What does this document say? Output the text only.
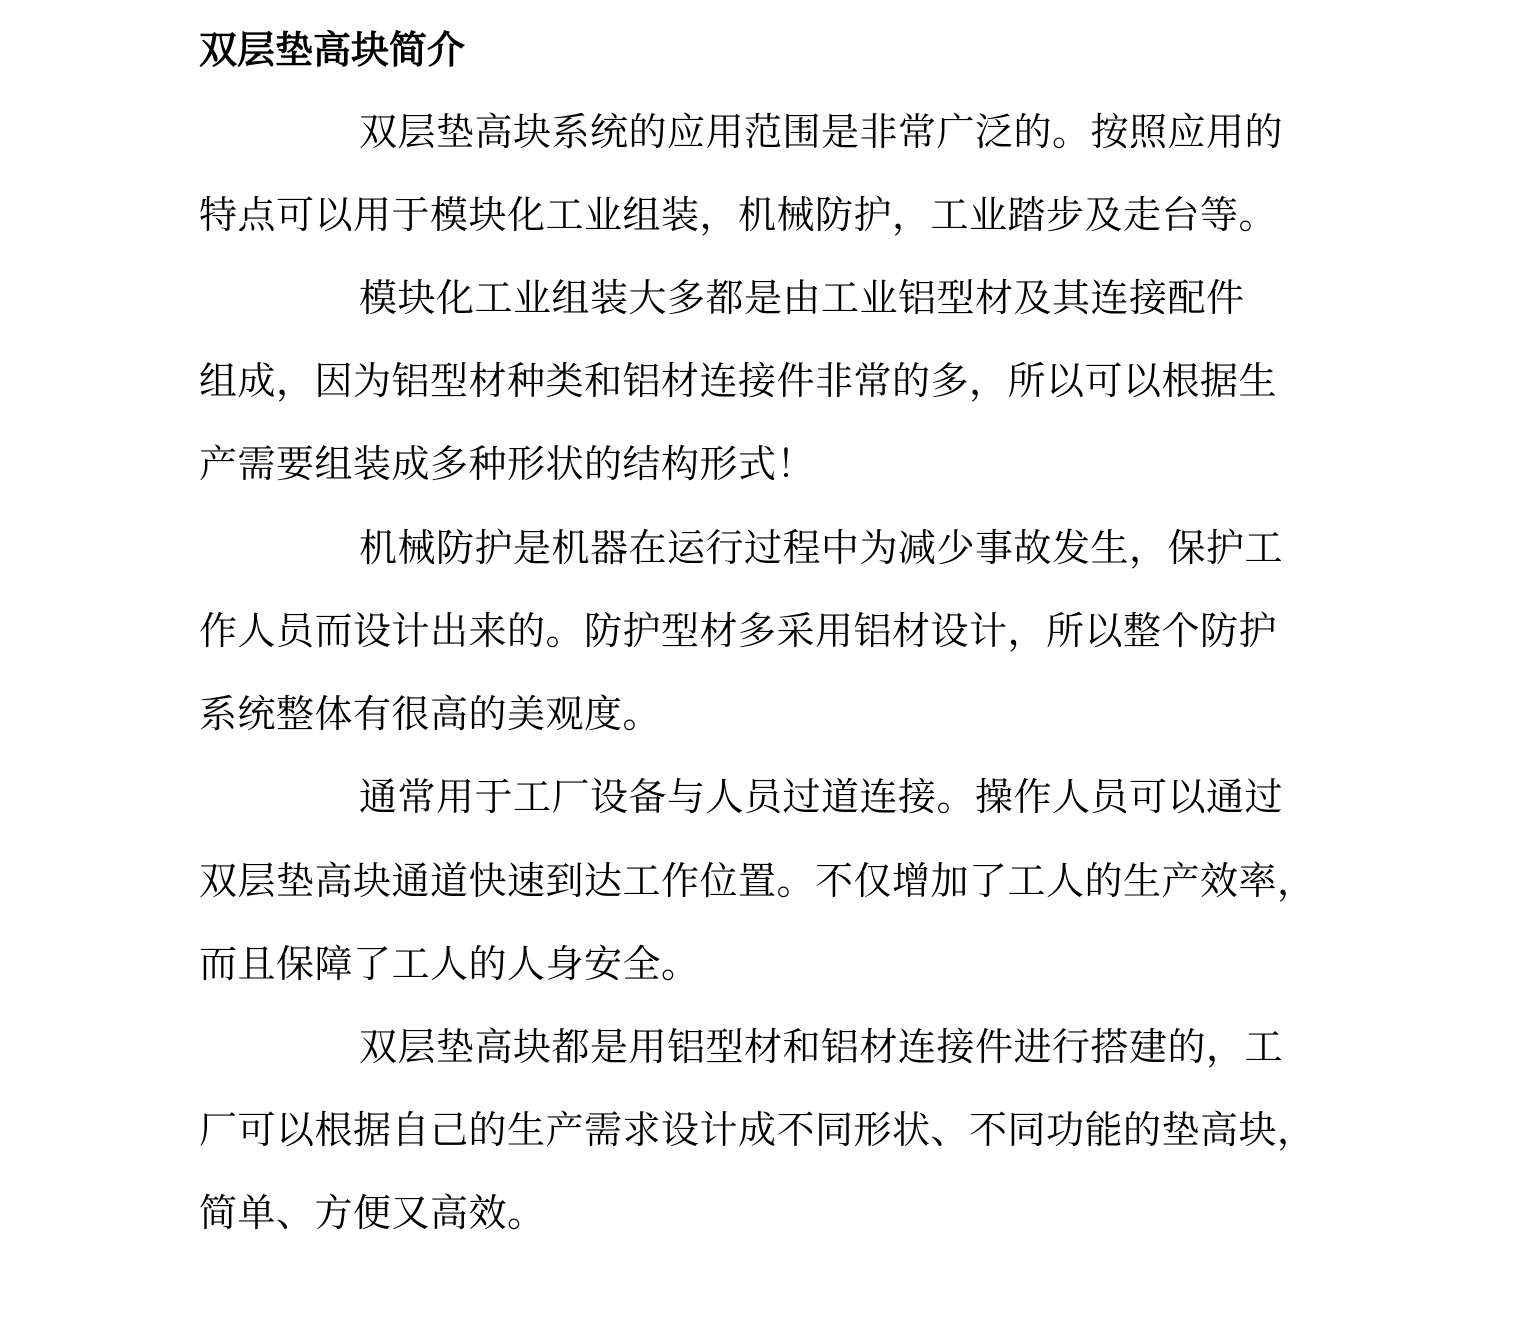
双层垫高块简介

双层垫高块系统的应用范围是非常广泛的。按照应用的

特点可以用于模块化工业组装，机械防护，工业踏步及走台等。

模块化工业组装大多都是由工业铝型材及其连接配件

组成，因为铝型材种类和铝材连接件非常的多，所以可以根据生

产需要组装成多种形状的结构形式！

机械防护是机器在运行过程中为减少事故发生，保护工

作人员而设计出来的。防护型材多采用铝材设计，所以整个防护

系统整体有很高的美观度。

通常用于工厂设备与人员过道连接。操作人员可以通过

双层垫高块通道快速到达工作位置。不仅增加了工人的生产效率，

而且保障了工人的人身安全。

双层垫高块都是用铝型材和铝材连接件进行搭建的，工

厂可以根据自己的生产需求设计成不同形状、不同功能的垫高块，

简单、方便又高效。
